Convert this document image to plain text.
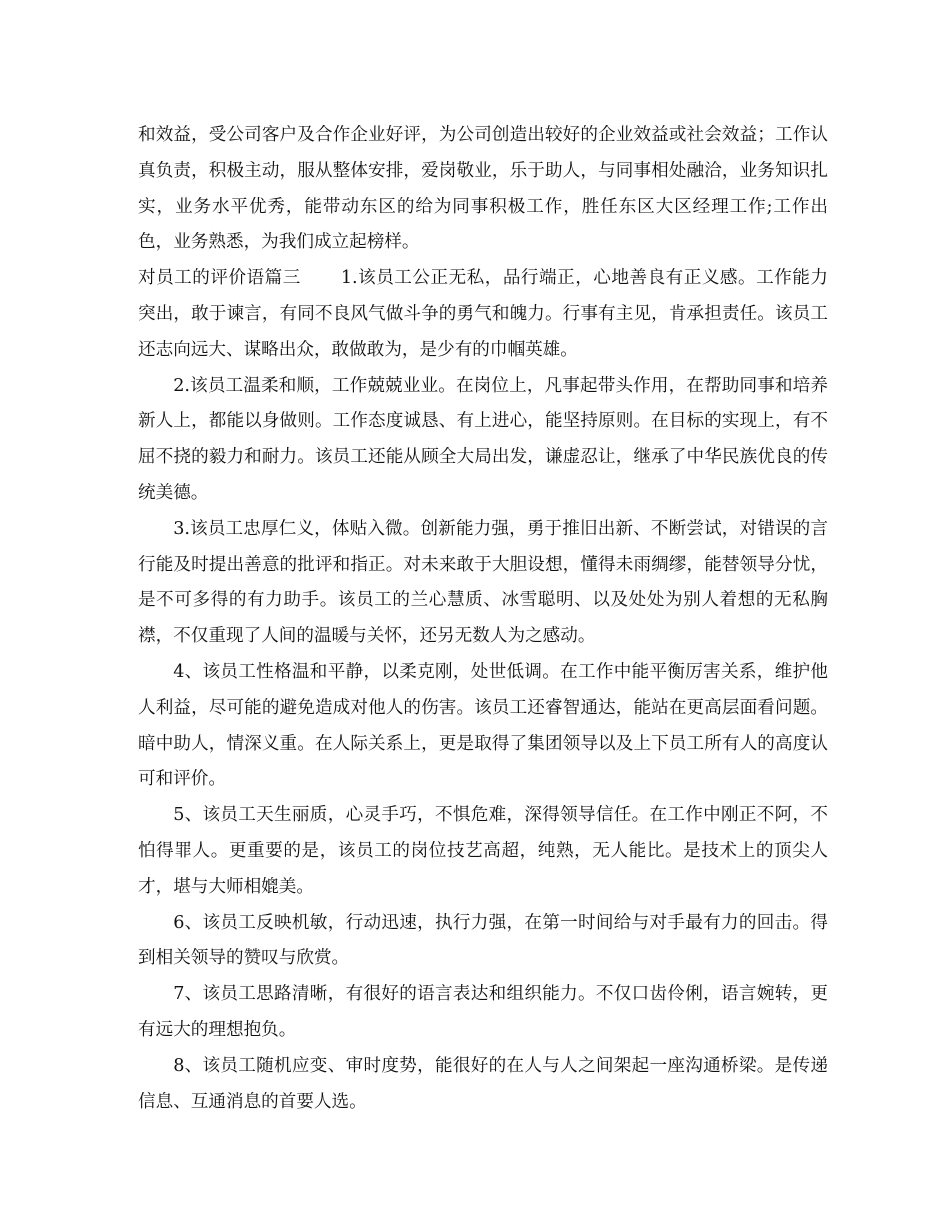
和效益，受公司客户及合作企业好评，为公司创造出较好的企业效益或社会效益；工作认真负责，积极主动，服从整体安排，爱岗敬业，乐于助人，与同事相处融洽，业务知识扎实，业务水平优秀，能带动东区的给为同事积极工作，胜任东区大区经理工作;工作出色，业务熟悉，为我们成立起榜样。

对员工的评价语篇三 1.该员工公正无私，品行端正，心地善良有正义感。工作能力突出，敢于谏言，有同不良风气做斗争的勇气和魄力。行事有主见，肯承担责任。该员工还志向远大、谋略出众，敢做敢为，是少有的巾帼英雄。

2.该员工温柔和顺，工作兢兢业业。在岗位上，凡事起带头作用，在帮助同事和培养新人上，都能以身做则。工作态度诚恳、有上进心，能坚持原则。在目标的实现上，有不屈不挠的毅力和耐力。该员工还能从顾全大局出发，谦虚忍让，继承了中华民族优良的传统美德。

3.该员工忠厚仁义，体贴入微。创新能力强，勇于推旧出新、不断尝试，对错误的言行能及时提出善意的批评和指正。对未来敢于大胆设想，懂得未雨绸缪，能替领导分忧，是不可多得的有力助手。该员工的兰心慧质、冰雪聪明、以及处处为别人着想的无私胸襟，不仅重现了人间的温暖与关怀，还另无数人为之感动。

4、该员工性格温和平静，以柔克刚，处世低调。在工作中能平衡厉害关系，维护他人利益，尽可能的避免造成对他人的伤害。该员工还睿智通达，能站在更高层面看问题。暗中助人，情深义重。在人际关系上，更是取得了集团领导以及上下员工所有人的高度认可和评价。

5、该员工天生丽质，心灵手巧，不惧危难，深得领导信任。在工作中刚正不阿，不怕得罪人。更重要的是，该员工的岗位技艺高超，纯熟，无人能比。是技术上的顶尖人才，堪与大师相媲美。

6、该员工反映机敏，行动迅速，执行力强，在第一时间给与对手最有力的回击。得到相关领导的赞叹与欣赏。

7、该员工思路清晰，有很好的语言表达和组织能力。不仅口齿伶俐，语言婉转，更有远大的理想抱负。

8、该员工随机应变、审时度势，能很好的在人与人之间架起一座沟通桥梁。是传递信息、互通消息的首要人选。
